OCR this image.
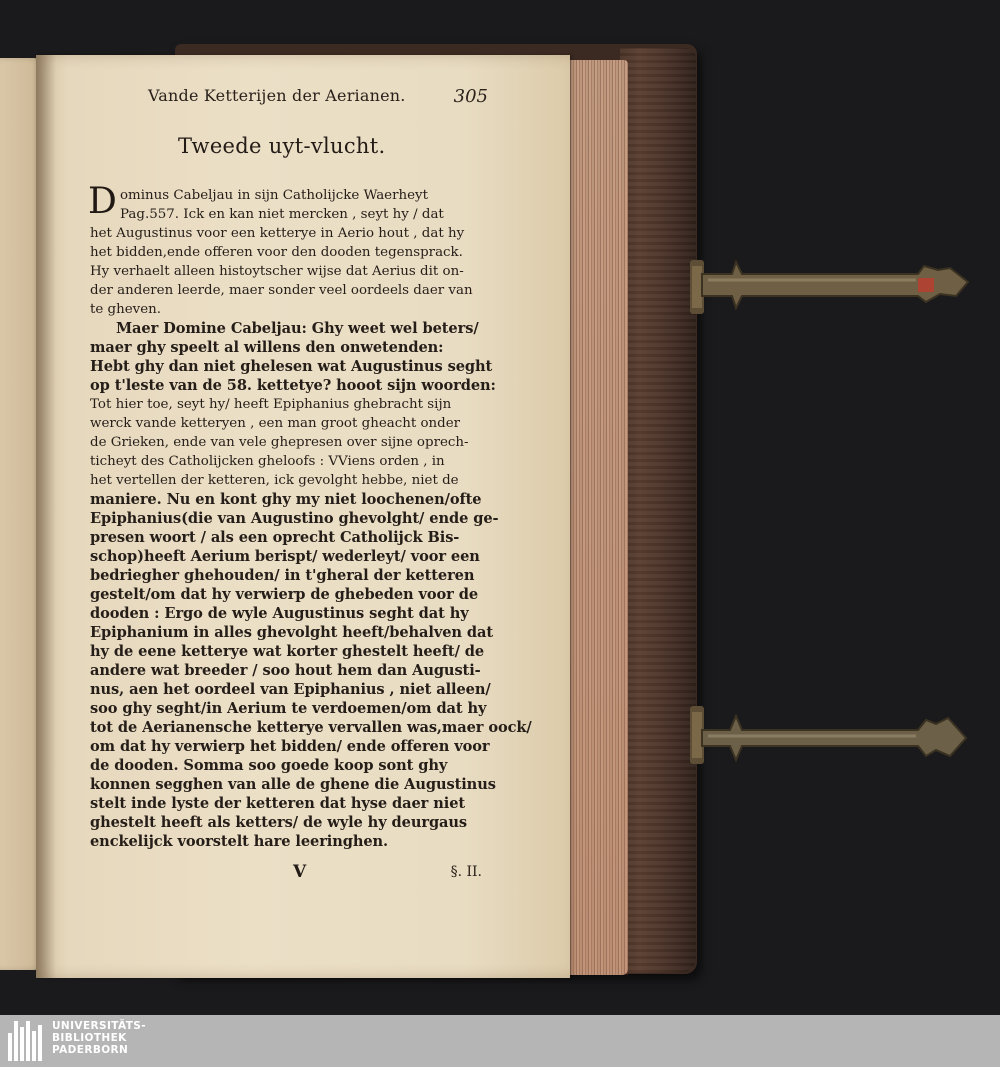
Vande Ketterijen der Aerianen.	305
Tweede uyt-vlucht.
D ominus Cabeljau in sijn Catholijcke Waerheyt
Pag.557. Ick en kan niet mercken , seyt hy / dat
het Augustinus voor een ketterye in Aerio hout , dat hy
het bidden,ende offeren voor den dooden tegensprack.
Hy verhaelt alleen histoytscher wijse dat Aerius dit on-
der anderen leerde, maer sonder veel oordeels daer van
te gheven.
Maer Domine Cabeljau: Ghy weet wel beters/
maer ghy speelt al willens den onwetenden:
Hebt ghy dan niet ghelesen wat Augustinus seght
op t'leste van de 58. kettetye? hooot sijn woorden:
Tot hier toe, seyt hy/ heeft Epiphanius ghebracht sijn
werck vande ketteryen , een man groot gheacht onder
de Grieken, ende van vele ghepresen over sijne oprech-
ticheyt des Catholijcken gheloofs : VViens orden , in
het vertellen der ketteren, ick gevolght hebbe, niet de
maniere. Nu en kont ghy my niet loochenen/ofte
Epiphanius(die van Augustino ghevolght/ ende ge-
presen woort / als een oprecht Catholijck Bis-
schop)heeft Aerium berispt/ wederleyt/ voor een
bedriegher ghehouden/ in t'gheral der ketteren
gestelt/om dat hy verwierp de ghebeden voor de
dooden : Ergo de wyle Augustinus seght dat hy
Epiphanium in alles ghevolght heeft/behalven dat
hy de eene ketterye wat korter ghestelt heeft/ de
andere wat breeder / soo hout hem dan Augusti-
nus, aen het oordeel van Epiphanius , niet alleen/
soo ghy seght/in Aerium te verdoemen/om dat hy
tot de Aerianensche ketterye vervallen was,maer oock/
om dat hy verwierp het bidden/ ende offeren voor
de dooden. Somma soo goede koop sont ghy
konnen segghen van alle de ghene die Augustinus
stelt inde lyste der ketteren dat hyse daer niet
ghestelt heeft als ketters/ de wyle hy deurgaus
enckelijck voorstelt hare leeringhen.
V	§. II.
UNIVERSITÄTS-
BIBLIOTHEK
PADERBORN
